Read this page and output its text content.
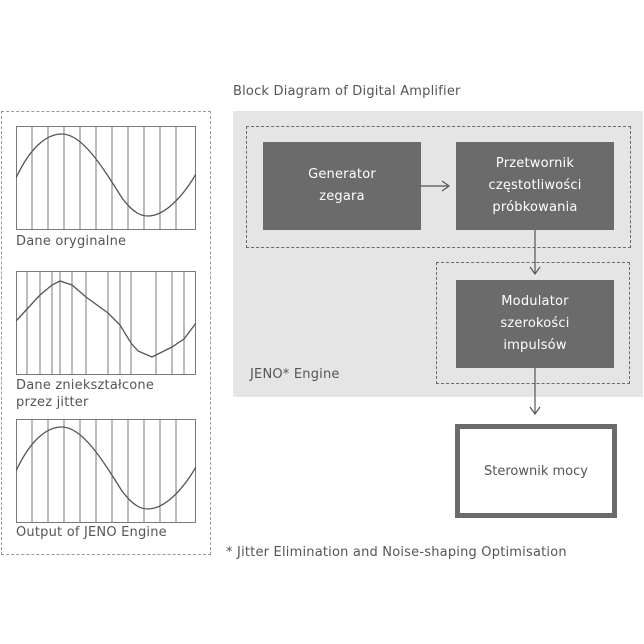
Block Diagram of Digital Amplifier
Dane oryginalne
Dane zniekształcone
przez jitter
Output of JENO Engine
Generator
zegara
Przetwornik
częstotliwości
próbkowania
Modulator
szerokości
impulsów
JENO* Engine
Sterownik mocy
* Jitter Elimination and Noise-shaping Optimisation
